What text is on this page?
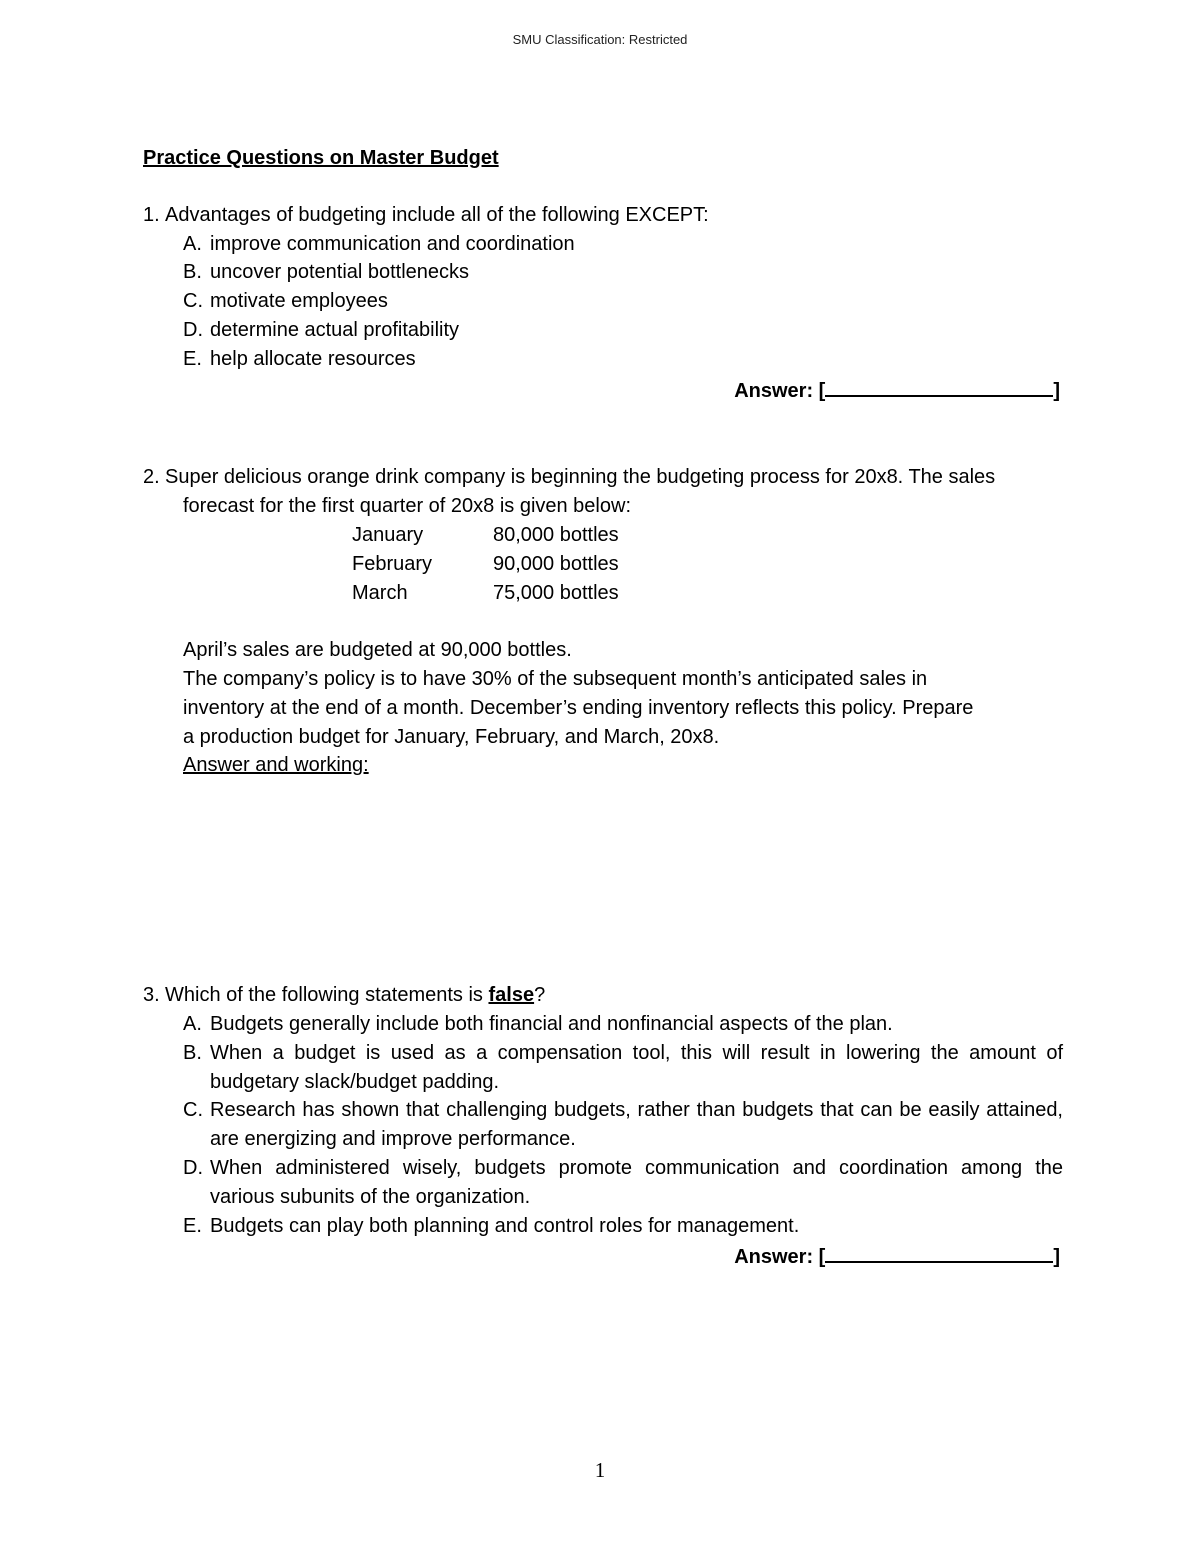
SMU Classification: Restricted

Practice Questions on Master Budget

1. Advantages of budgeting include all of the following EXCEPT:

A. improve communication and coordination
B. uncover potential bottlenecks
C. motivate employees
D. determine actual profitability
E. help allocate resources
Answer: [	]

2. Super delicious orange drink company is beginning the budgeting process for 20x8. The sales

forecast for the first quarter of 20x8 is given below:
January	80,000 bottles
February	90,000 bottles
March	75,000 bottles
April’s sales are budgeted at 90,000 bottles.
The company’s policy is to have 30% of the subsequent month’s anticipated sales in
inventory at the end of a month. December’s ending inventory reflects this policy. Prepare
a production budget for January, February, and March, 20x8.
Answer and working:

3. Which of the following statements is false?

A. Budgets generally include both financial and nonfinancial aspects of the plan.
B. When a budget is used as a compensation tool, this will result in lowering the amount of budgetary slack/budget padding.
C. Research has shown that challenging budgets, rather than budgets that can be easily attained, are energizing and improve performance.
D. When administered wisely, budgets promote communication and coordination among the various subunits of the organization.
E. Budgets can play both planning and control roles for management.
Answer: [	]
1
